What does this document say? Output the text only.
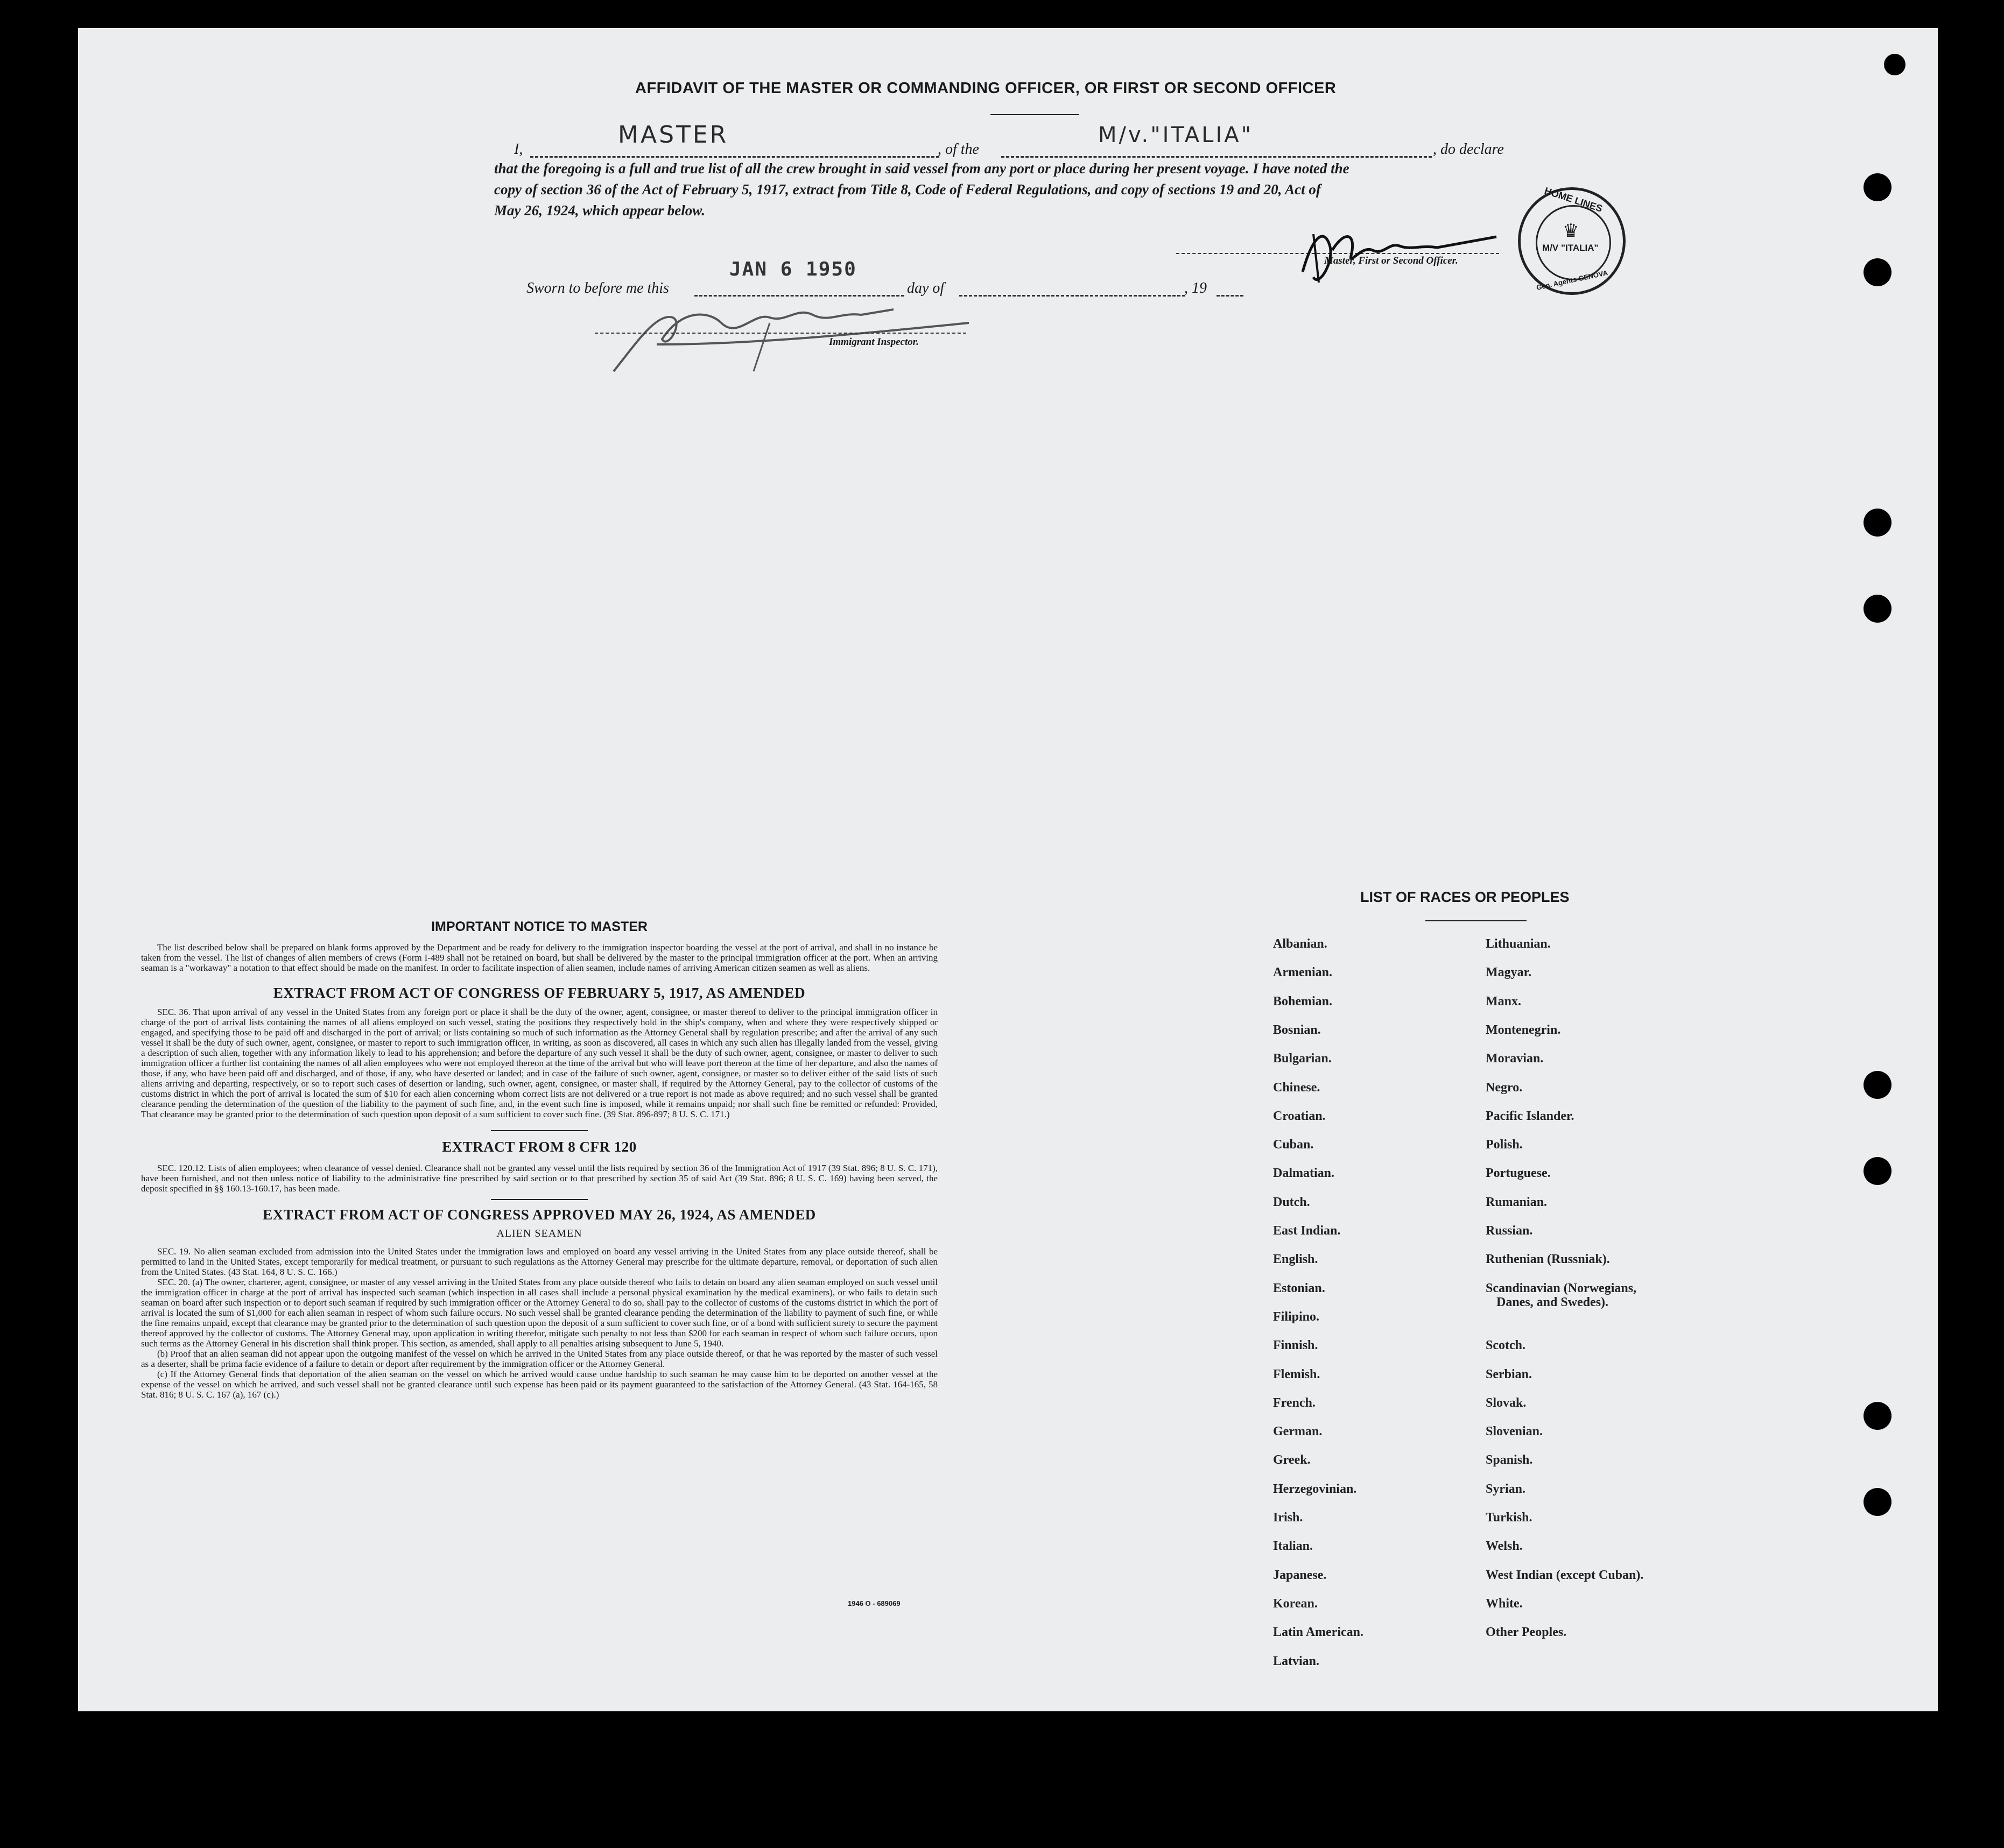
AFFIDAVIT OF THE MASTER OR COMMANDING OFFICER, OR FIRST OR SECOND OFFICER
I,
MASTER
, of the
M/v."ITALIA"
, do declare
that the foregoing is a full and true list of all the crew brought in said vessel from any port or place during her present voyage. I have noted the
copy of section 36 of the Act of February 5, 1917, extract from Title 8, Code of Federal Regulations, and copy of sections 19 and 20, Act of
May 26, 1924, which appear below.
Master, First or Second Officer.
HOME LINES
♛
M/V "ITALIA"
Gen. Agents GENOVA
Sworn to before me this
JAN 6 1950
day of	, 19
Immigrant Inspector.
IMPORTANT NOTICE TO MASTER

The list described below shall be prepared on blank forms approved by the Department and be ready for delivery to the immigration inspector boarding the vessel at the port of arrival, and shall in no instance be taken from the vessel. The list of changes of alien members of crews (Form I-489 shall not be retained on board, but shall be delivered by the master to the principal immigration officer at the port. When an arriving seaman is a "workaway" a notation to that effect should be made on the manifest. In order to facilitate inspection of alien seamen, include names of arriving American citizen seamen as well as aliens.

EXTRACT FROM ACT OF CONGRESS OF FEBRUARY 5, 1917, AS AMENDED

SEC. 36. That upon arrival of any vessel in the United States from any foreign port or place it shall be the duty of the owner, agent, consignee, or master thereof to deliver to the principal immigration officer in charge of the port of arrival lists containing the names of all aliens employed on such vessel, stating the positions they respectively hold in the ship's company, when and where they were respectively shipped or engaged, and specifying those to be paid off and discharged in the port of arrival; or lists containing so much of such information as the Attorney General shall by regulation prescribe; and after the arrival of any such vessel it shall be the duty of such owner, agent, consignee, or master to report to such immigration officer, in writing, as soon as discovered, all cases in which any such alien has illegally landed from the vessel, giving a description of such alien, together with any information likely to lead to his apprehension; and before the departure of any such vessel it shall be the duty of such owner, agent, consignee, or master to deliver to such immigration officer a further list containing the names of all alien employees who were not employed thereon at the time of the arrival but who will leave port thereon at the time of her departure, and also the names of those, if any, who have been paid off and discharged, and of those, if any, who have deserted or landed; and in case of the failure of such owner, agent, consignee, or master so to deliver either of the said lists of such aliens arriving and departing, respectively, or so to report such cases of desertion or landing, such owner, agent, consignee, or master shall, if required by the Attorney General, pay to the collector of customs of the customs district in which the port of arrival is located the sum of $10 for each alien concerning whom correct lists are not delivered or a true report is not made as above required; and no such vessel shall be granted clearance pending the determination of the question of the liability to the payment of such fine, and, in the event such fine is imposed, while it remains unpaid; nor shall such fine be remitted or refunded: Provided, That clearance may be granted prior to the determination of such question upon deposit of a sum sufficient to cover such fine. (39 Stat. 896-897; 8 U. S. C. 171.)

EXTRACT FROM 8 CFR 120

SEC. 120.12. Lists of alien employees; when clearance of vessel denied. Clearance shall not be granted any vessel until the lists required by section 36 of the Immigration Act of 1917 (39 Stat. 896; 8 U. S. C. 171), have been furnished, and not then unless notice of liability to the administrative fine prescribed by said section or to that prescribed by section 35 of said Act (39 Stat. 896; 8 U. S. C. 169) having been served, the deposit specified in §§ 160.13-160.17, has been made.

EXTRACT FROM ACT OF CONGRESS APPROVED MAY 26, 1924, AS AMENDED
ALIEN SEAMEN

SEC. 19. No alien seaman excluded from admission into the United States under the immigration laws and employed on board any vessel arriving in the United States from any place outside thereof, shall be permitted to land in the United States, except temporarily for medical treatment, or pursuant to such regulations as the Attorney General may prescribe for the ultimate departure, removal, or deportation of such alien from the United States. (43 Stat. 164, 8 U. S. C. 166.)

SEC. 20. (a) The owner, charterer, agent, consignee, or master of any vessel arriving in the United States from any place outside thereof who fails to detain on board any alien seaman employed on such vessel until the immigration officer in charge at the port of arrival has inspected such seaman (which inspection in all cases shall include a personal physical examination by the medical examiners), or who fails to detain such seaman on board after such inspection or to deport such seaman if required by such immigration officer or the Attorney General to do so, shall pay to the collector of customs of the customs district in which the port of arrival is located the sum of $1,000 for each alien seaman in respect of whom such failure occurs. No such vessel shall be granted clearance pending the determination of the liability to payment of such fine, or while the fine remains unpaid, except that clearance may be granted prior to the determination of such question upon the deposit of a sum sufficient to cover such fine, or of a bond with sufficient surety to secure the payment thereof approved by the collector of customs. The Attorney General may, upon application in writing therefor, mitigate such penalty to not less than $200 for each seaman in respect of whom such failure occurs, upon such terms as the Attorney General in his discretion shall think proper. This section, as amended, shall apply to all penalties arising subsequent to June 5, 1940.

(b) Proof that an alien seaman did not appear upon the outgoing manifest of the vessel on which he arrived in the United States from any place outside thereof, or that he was reported by the master of such vessel as a deserter, shall be prima facie evidence of a failure to detain or deport after requirement by the immigration officer or the Attorney General.

(c) If the Attorney General finds that deportation of the alien seaman on the vessel on which he arrived would cause undue hardship to such seaman he may cause him to be deported on another vessel at the expense of the vessel on which he arrived, and such vessel shall not be granted clearance until such expense has been paid or its payment guaranteed to the satisfaction of the Attorney General. (43 Stat. 164-165, 58 Stat. 816; 8 U. S. C. 167 (a), 167 (c).)

1946 O - 689069
LIST OF RACES OR PEOPLES
Albanian.
Armenian.
Bohemian.
Bosnian.
Bulgarian.
Chinese.
Croatian.
Cuban.
Dalmatian.
Dutch.
East Indian.
English.
Estonian.
Filipino.
Finnish.
Flemish.
French.
German.
Greek.
Herzegovinian.
Irish.
Italian.
Japanese.
Korean.
Latin American.
Latvian.
Lithuanian.
Magyar.
Manx.
Montenegrin.
Moravian.
Negro.
Pacific Islander.
Polish.
Portuguese.
Rumanian.
Russian.
Ruthenian (Russniak).
Scandinavian (Norwegians,
Danes, and Swedes).
Scotch.
Serbian.
Slovak.
Slovenian.
Spanish.
Syrian.
Turkish.
Welsh.
West Indian (except Cuban).
White.
Other Peoples.
